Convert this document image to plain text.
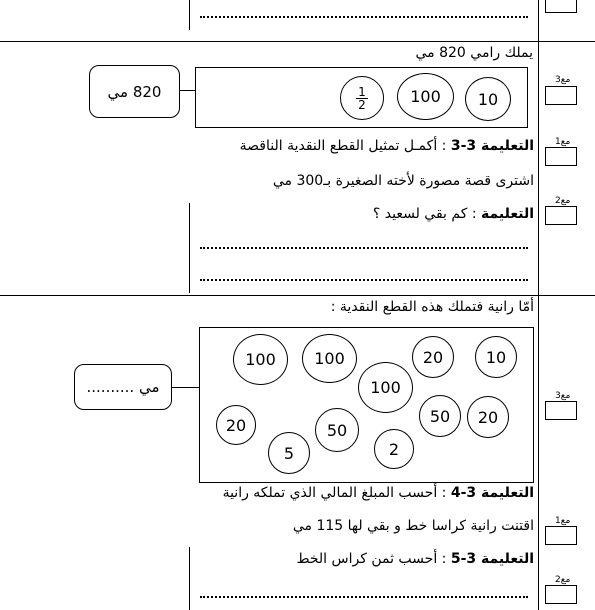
يملك رامي 820 مي
820 مي	$\frac{1}{2}$	100 10
التعليمة 3-3 : أكمـل تمثيل القطع النقدية الناقصة
اشترى قصة مصورة لأخته الصغيرة بـ300 مي
التعليمة : كم بقي لسعيد ؟
أمّا رانية فتملك هذه القطع النقدية :
مي ..........
100 100	20	10
100
20	50
20
50
5	2
التعليمة 3-4 : أحسب المبلغ المالي الذي تملكه رانية
اقتنت رانية كراسا خط و بقي لها 115 مي
التعليمة 3-5 : أحسب ثمن كراس الخط
مع3
مع1
مع2
مع3
مع1
مع2
